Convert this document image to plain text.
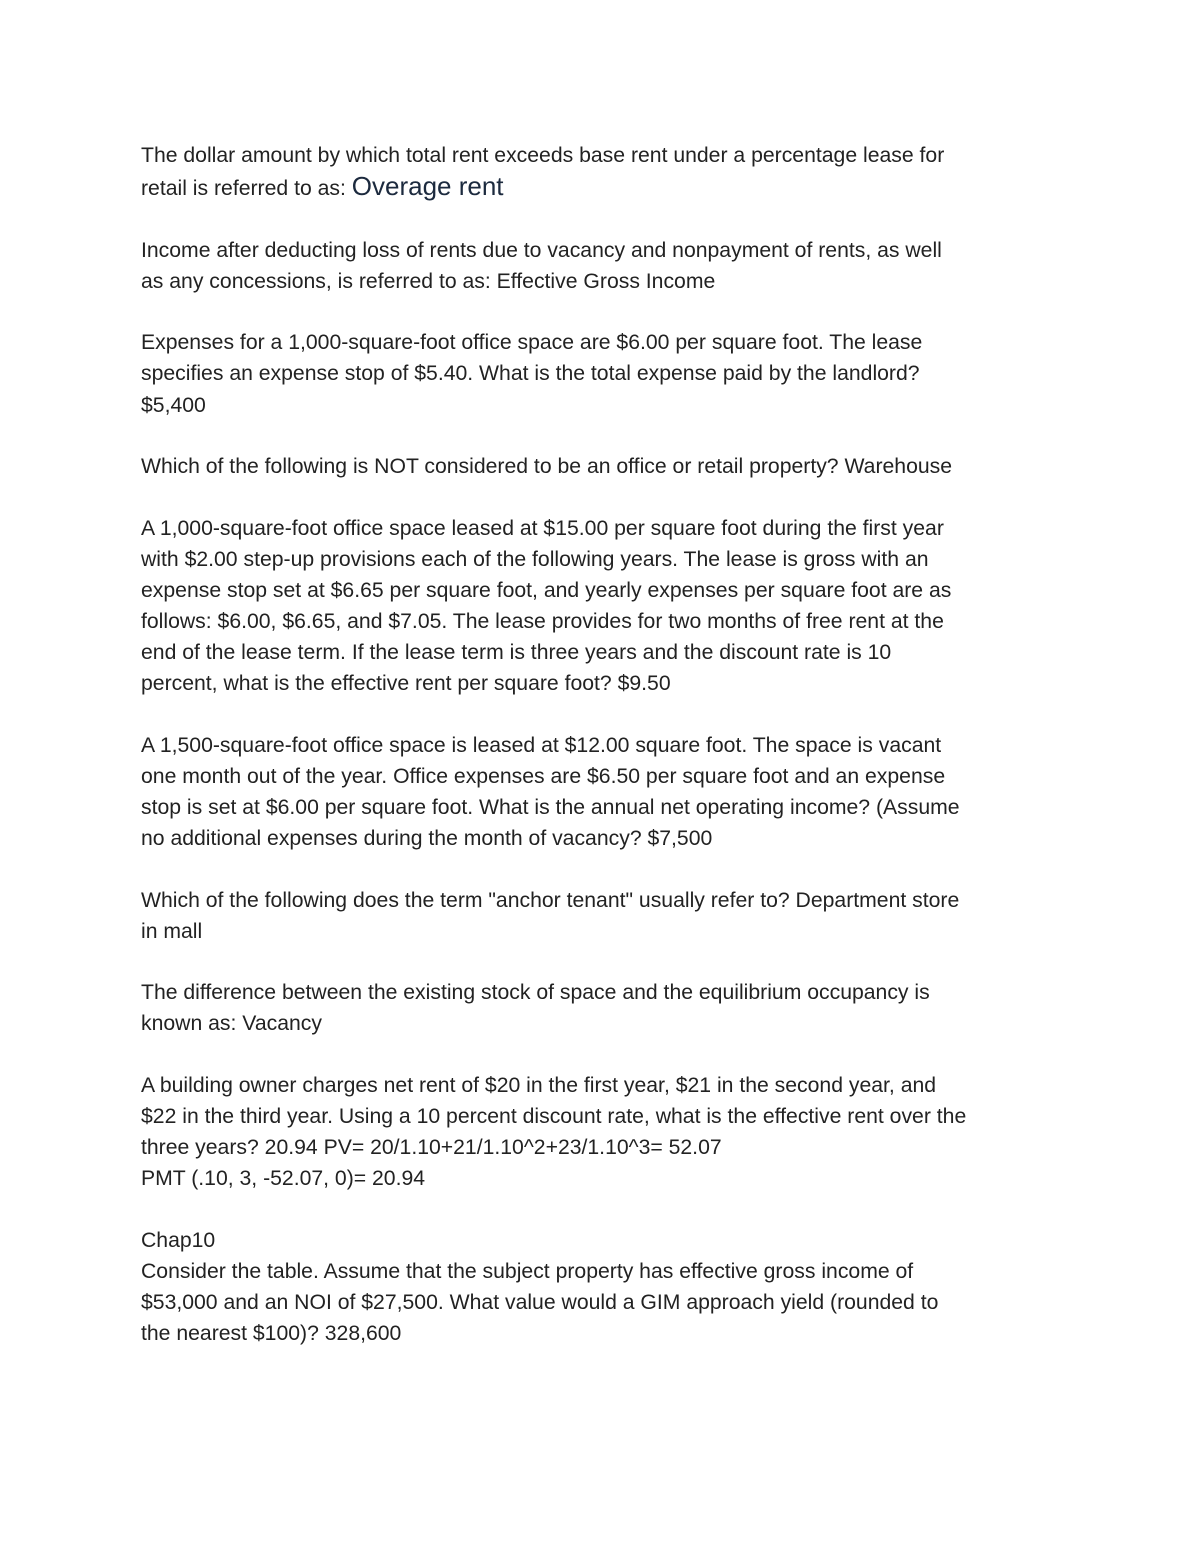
The dollar amount by which total rent exceeds base rent under a percentage lease for
retail is referred to as: Overage rent

Income after deducting loss of rents due to vacancy and nonpayment of rents, as well
as any concessions, is referred to as: Effective Gross Income

Expenses for a 1,000-square-foot office space are $6.00 per square foot. The lease
specifies an expense stop of $5.40. What is the total expense paid by the landlord?
$5,400

Which of the following is NOT considered to be an office or retail property? Warehouse

A 1,000-square-foot office space leased at $15.00 per square foot during the first year
with $2.00 step-up provisions each of the following years. The lease is gross with an
expense stop set at $6.65 per square foot, and yearly expenses per square foot are as
follows: $6.00, $6.65, and $7.05. The lease provides for two months of free rent at the
end of the lease term. If the lease term is three years and the discount rate is 10
percent, what is the effective rent per square foot? $9.50

A 1,500-square-foot office space is leased at $12.00 square foot. The space is vacant
one month out of the year. Office expenses are $6.50 per square foot and an expense
stop is set at $6.00 per square foot. What is the annual net operating income? (Assume
no additional expenses during the month of vacancy? $7,500

Which of the following does the term "anchor tenant" usually refer to? Department store
in mall

The difference between the existing stock of space and the equilibrium occupancy is
known as: Vacancy

A building owner charges net rent of $20 in the first year, $21 in the second year, and
$22 in the third year. Using a 10 percent discount rate, what is the effective rent over the
three years? 20.94 PV= 20/1.10+21/1.10^2+23/1.10^3= 52.07
PMT (.10, 3, -52.07, 0)= 20.94

Chap10
Consider the table. Assume that the subject property has effective gross income of
$53,000 and an NOI of $27,500. What value would a GIM approach yield (rounded to
the nearest $100)? 328,600
